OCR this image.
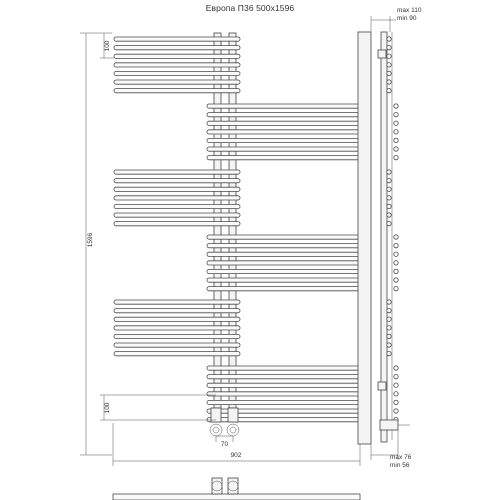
Европа П36 500х1596
1596
100
100
70
902
max 110
min 90
max 76
min 56
